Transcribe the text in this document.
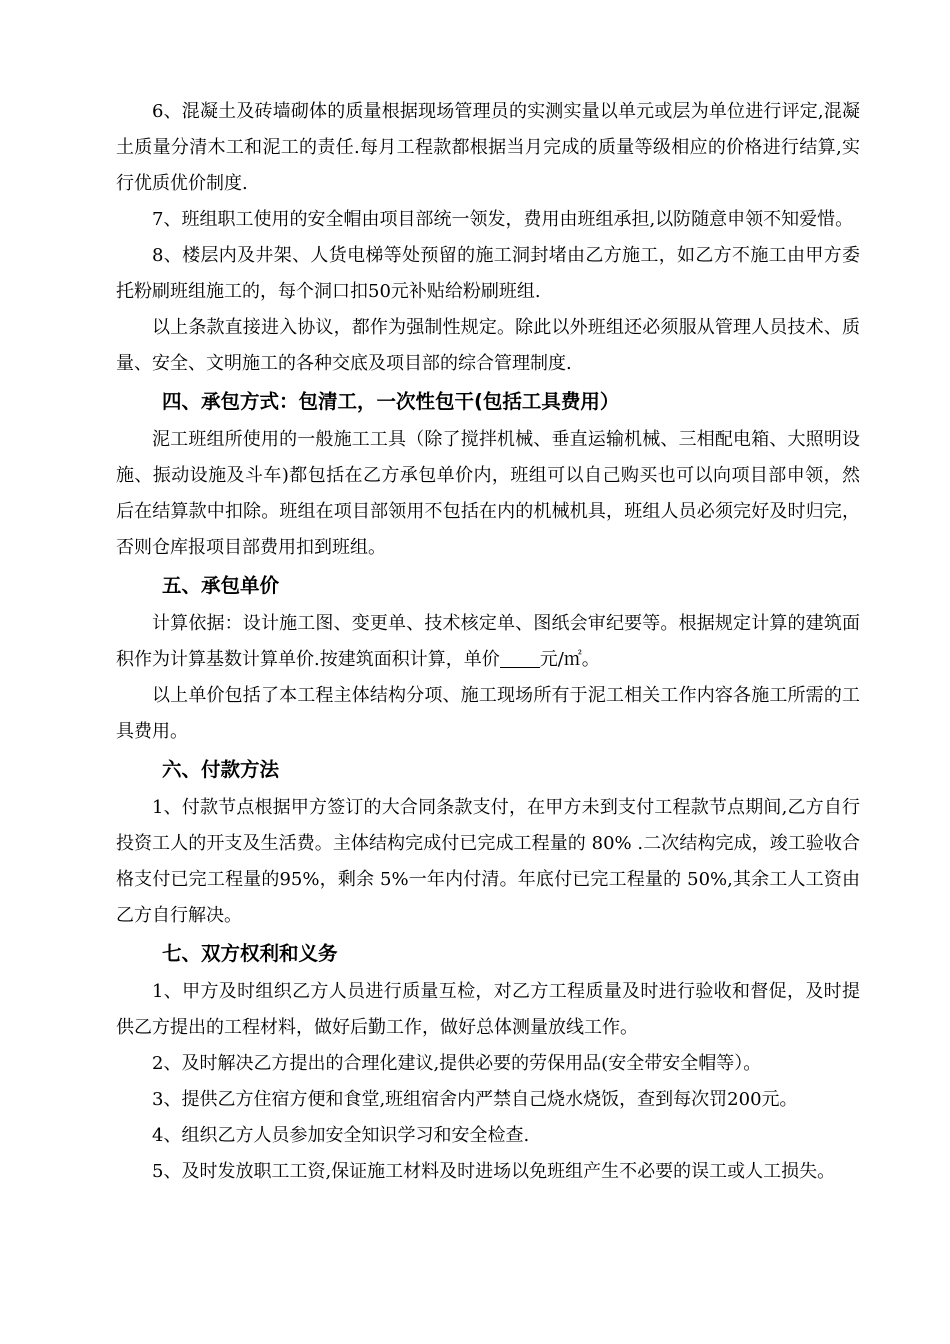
6、混凝土及砖墙砌体的质量根据现场管理员的实测实量以单元或层为单位进行评定,混凝土质量分清木工和泥工的责任.每月工程款都根据当月完成的质量等级相应的价格进行结算,实行优质优价制度.

7、班组职工使用的安全帽由项目部统一领发，费用由班组承担,以防随意申领不知爱惜。

8、楼层内及井架、人货电梯等处预留的施工洞封堵由乙方施工，如乙方不施工由甲方委托粉刷班组施工的，每个洞口扣50元补贴给粉刷班组.

以上条款直接进入协议，都作为强制性规定。除此以外班组还必须服从管理人员技术、质量、安全、文明施工的各种交底及项目部的综合管理制度.

四、承包方式：包清工，一次性包干(包括工具费用）

泥工班组所使用的一般施工工具（除了搅拌机械、垂直运输机械、三相配电箱、大照明设施、振动设施及斗车)都包括在乙方承包单价内，班组可以自己购买也可以向项目部申领，然后在结算款中扣除。班组在项目部领用不包括在内的机械机具，班组人员必须完好及时归完，否则仓库报项目部费用扣到班组。

五、承包单价

计算依据：设计施工图、变更单、技术核定单、图纸会审纪要等。根据规定计算的建筑面积作为计算基数计算单价.按建筑面积计算，单价 元/㎡。

以上单价包括了本工程主体结构分项、施工现场所有于泥工相关工作内容各施工所需的工具费用。

六、付款方法

1、付款节点根据甲方签订的大合同条款支付，在甲方未到支付工程款节点期间,乙方自行投资工人的开支及生活费。主体结构完成付已完成工程量的 80% .二次结构完成，竣工验收合格支付已完工程量的95%，剩余 5%一年内付清。年底付已完工程量的 50%,其余工人工资由乙方自行解决。

七、双方权利和义务

1、甲方及时组织乙方人员进行质量互检，对乙方工程质量及时进行验收和督促，及时提供乙方提出的工程材料，做好后勤工作，做好总体测量放线工作。

2、及时解决乙方提出的合理化建议,提供必要的劳保用品(安全带安全帽等）。

3、提供乙方住宿方便和食堂,班组宿舍内严禁自己烧水烧饭，查到每次罚200元。

4、组织乙方人员参加安全知识学习和安全检查.

5、及时发放职工工资,保证施工材料及时进场以免班组产生不必要的误工或人工损失。
